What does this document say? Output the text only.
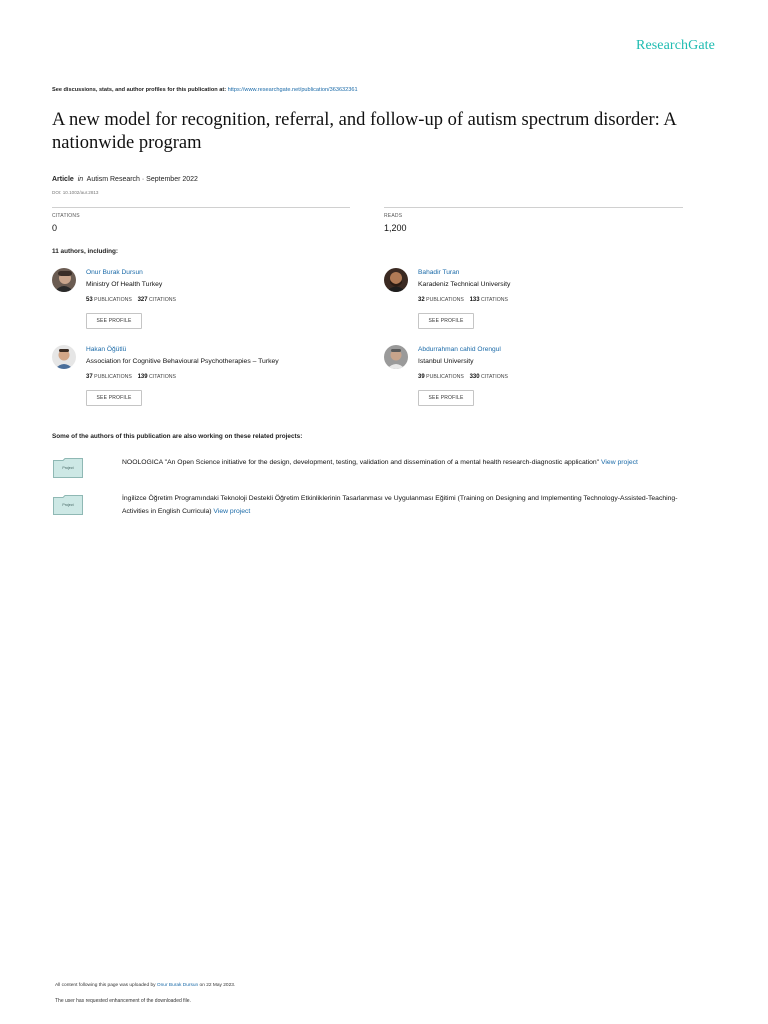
ResearchGate
See discussions, stats, and author profiles for this publication at: https://www.researchgate.net/publication/363632361
A new model for recognition, referral, and follow-up of autism spectrum disorder: A nationwide program
Article in Autism Research · September 2022
DOI: 10.1002/aur.2813
CITATIONS
0
READS
1,200
11 authors, including:
Onur Burak Dursun
Ministry Of Health Turkey
53 PUBLICATIONS 327 CITATIONS
SEE PROFILE
Bahadir Turan
Karadeniz Technical University
32 PUBLICATIONS 133 CITATIONS
SEE PROFILE
Hakan Öğütlü
Association for Cognitive Behavioural Psychotherapies – Turkey
37 PUBLICATIONS 139 CITATIONS
SEE PROFILE
Abdurrahman cahid Orengul
Istanbul University
39 PUBLICATIONS 330 CITATIONS
SEE PROFILE
Some of the authors of this publication are also working on these related projects:
Project
NOOLOGICA "An Open Science initiative for the design, development, testing, validation and dissemination of a mental health research-diagnostic application" View project
Project
İngilizce Öğretim Programındaki Teknoloji Destekli Öğretim Etkinliklerinin Tasarlanması ve Uygulanması Eğitimi (Training on Designing and Implementing Technology-Assisted-Teaching- Activities in English Curricula) View project
All content following this page was uploaded by Onur Burak Dursun on 22 May 2023.
The user has requested enhancement of the downloaded file.
